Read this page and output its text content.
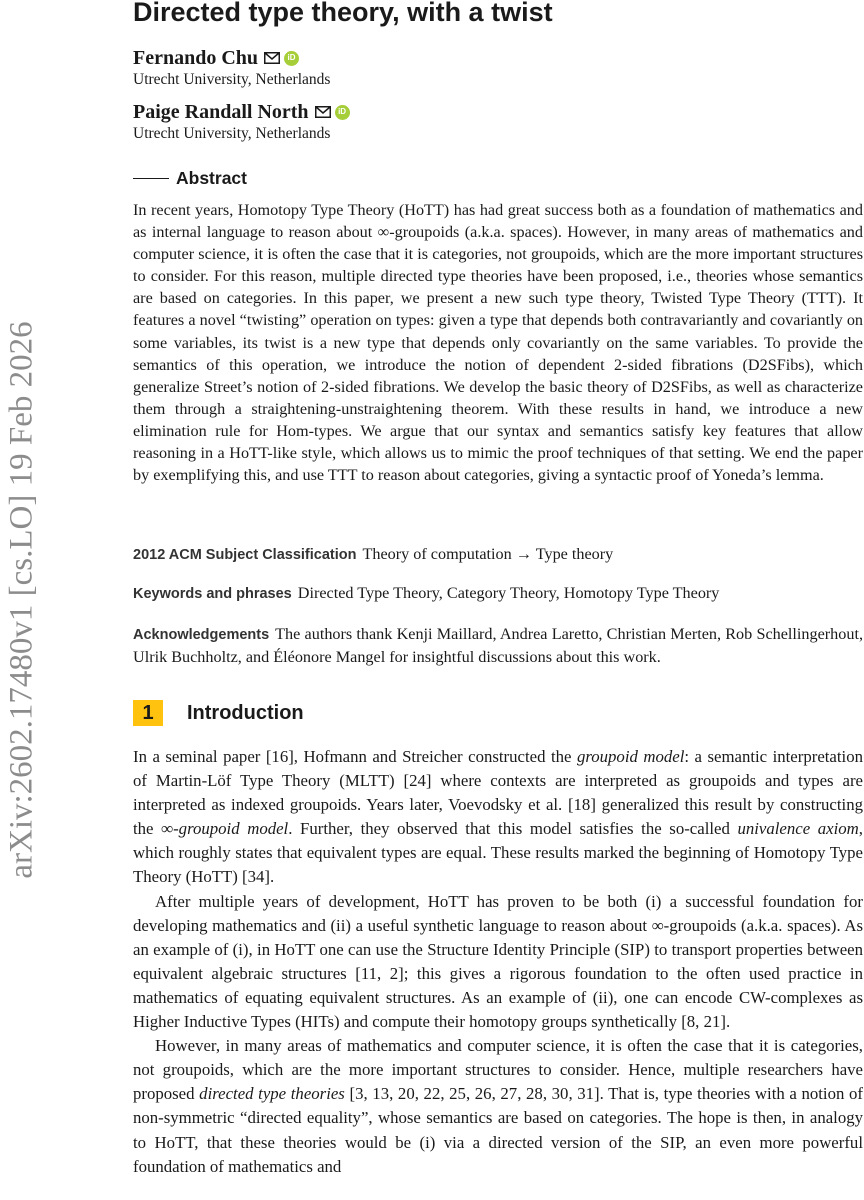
arXiv:2602.17480v1 [cs.LO] 19 Feb 2026
Directed type theory, with a twist
Fernando Chu	iD
Utrecht University, Netherlands
Paige Randall North	iD
Utrecht University, Netherlands
Abstract

In recent years, Homotopy Type Theory (HoTT) has had great success both as a foundation of mathematics and as internal language to reason about ∞-groupoids (a.k.a. spaces). However, in many areas of mathematics and computer science, it is often the case that it is categories, not groupoids, which are the more important structures to consider. For this reason, multiple directed type theories have been proposed, i.e., theories whose semantics are based on categories. In this paper, we present a new such type theory, Twisted Type Theory (TTT). It features a novel “twisting” operation on types: given a type that depends both contravariantly and covariantly on some variables, its twist is a new type that depends only covariantly on the same variables. To provide the semantics of this operation, we introduce the notion of dependent 2-sided fibrations (D2SFibs), which generalize Street’s notion of 2-sided fibrations. We develop the basic theory of D2SFibs, as well as characterize them through a straightening-unstraightening theorem. With these results in hand, we introduce a new elimination rule for Hom-types. We argue that our syntax and semantics satisfy key features that allow reasoning in a HoTT-like style, which allows us to mimic the proof techniques of that setting. We end the paper by exemplifying this, and use TTT to reason about categories, giving a syntactic proof of Yoneda’s lemma.

2012 ACM Subject Classification Theory of computation → Type theory

Keywords and phrases Directed Type Theory, Category Theory, Homotopy Type Theory

Acknowledgements The authors thank Kenji Maillard, Andrea Laretto, Christian Merten, Rob Schellingerhout, Ulrik Buchholtz, and Éléonore Mangel for insightful discussions about this work.

1	Introduction

In a seminal paper [16], Hofmann and Streicher constructed the groupoid model: a semantic interpretation of Martin-Löf Type Theory (MLTT) [24] where contexts are interpreted as groupoids and types are interpreted as indexed groupoids. Years later, Voevodsky et al. [18] generalized this result by constructing the ∞-groupoid model. Further, they observed that this model satisfies the so-called univalence axiom, which roughly states that equivalent types are equal. These results marked the beginning of Homotopy Type Theory (HoTT) [34].

After multiple years of development, HoTT has proven to be both (i) a successful foundation for developing mathematics and (ii) a useful synthetic language to reason about ∞-groupoids (a.k.a. spaces). As an example of (i), in HoTT one can use the Structure Identity Principle (SIP) to transport properties between equivalent algebraic structures [11, 2]; this gives a rigorous foundation to the often used practice in mathematics of equating equivalent structures. As an example of (ii), one can encode CW-complexes as Higher Inductive Types (HITs) and compute their homotopy groups synthetically [8, 21].

However, in many areas of mathematics and computer science, it is often the case that it is categories, not groupoids, which are the more important structures to consider. Hence, multiple researchers have proposed directed type theories [3, 13, 20, 22, 25, 26, 27, 28, 30, 31]. That is, type theories with a notion of non-symmetric “directed equality”, whose semantics are based on categories. The hope is then, in analogy to HoTT, that these theories would be (i) via a directed version of the SIP, an even more powerful foundation of mathematics and
